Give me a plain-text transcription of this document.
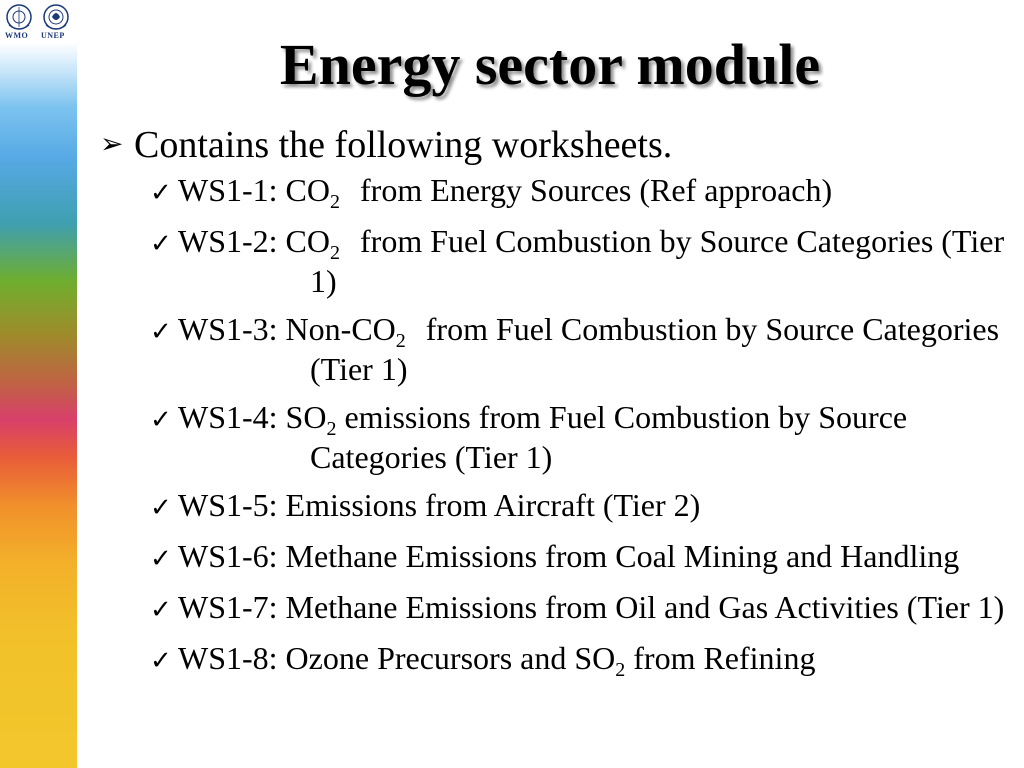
WMO UNEP	Energy sector module
➢ Contains the following worksheets.
✓ WS1-1: $CO_2$ from Energy Sources (Ref approach)
✓ WS1-2: $CO_2$ from Fuel Combustion by Source Categories (Tier 1)
✓ WS1-3: Non-$CO_2$ from Fuel Combustion by Source Categories (Tier 1)
✓ WS1-4: $SO_2$ emissions from Fuel Combustion by Source Categories (Tier 1)
✓ WS1-5: Emissions from Aircraft (Tier 2)
✓ WS1-6: Methane Emissions from Coal Mining and Handling
✓ WS1-7: Methane Emissions from Oil and Gas Activities (Tier 1)
✓ WS1-8: Ozone Precursors and $SO_2$ from Refining
